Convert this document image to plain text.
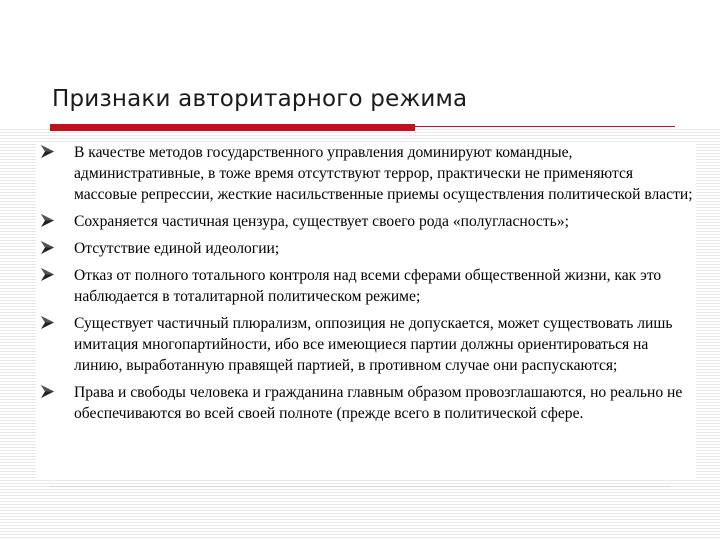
Признаки авторитарного режима
В качестве методов государственного управления доминируют командные, административные, в тоже время отсутствуют террор, практически не применяются массовые репрессии, жесткие насильственные приемы осуществления политической власти;
Сохраняется частичная цензура, существует своего рода «полугласность»;
Отсутствие единой идеологии;
Отказ от полного тотального контроля над всеми сферами общественной жизни, как это наблюдается в тоталитарной политическом режиме;
Существует частичный плюрализм, оппозиция не допускается, может существовать лишь имитация многопартийности, ибо все имеющиеся партии должны ориентироваться на линию, выработанную правящей партией, в противном случае они распускаются;
Права и свободы человека и гражданина главным образом провозглашаются, но реально не обеспечиваются во всей своей полноте (прежде всего в политической сфере.
